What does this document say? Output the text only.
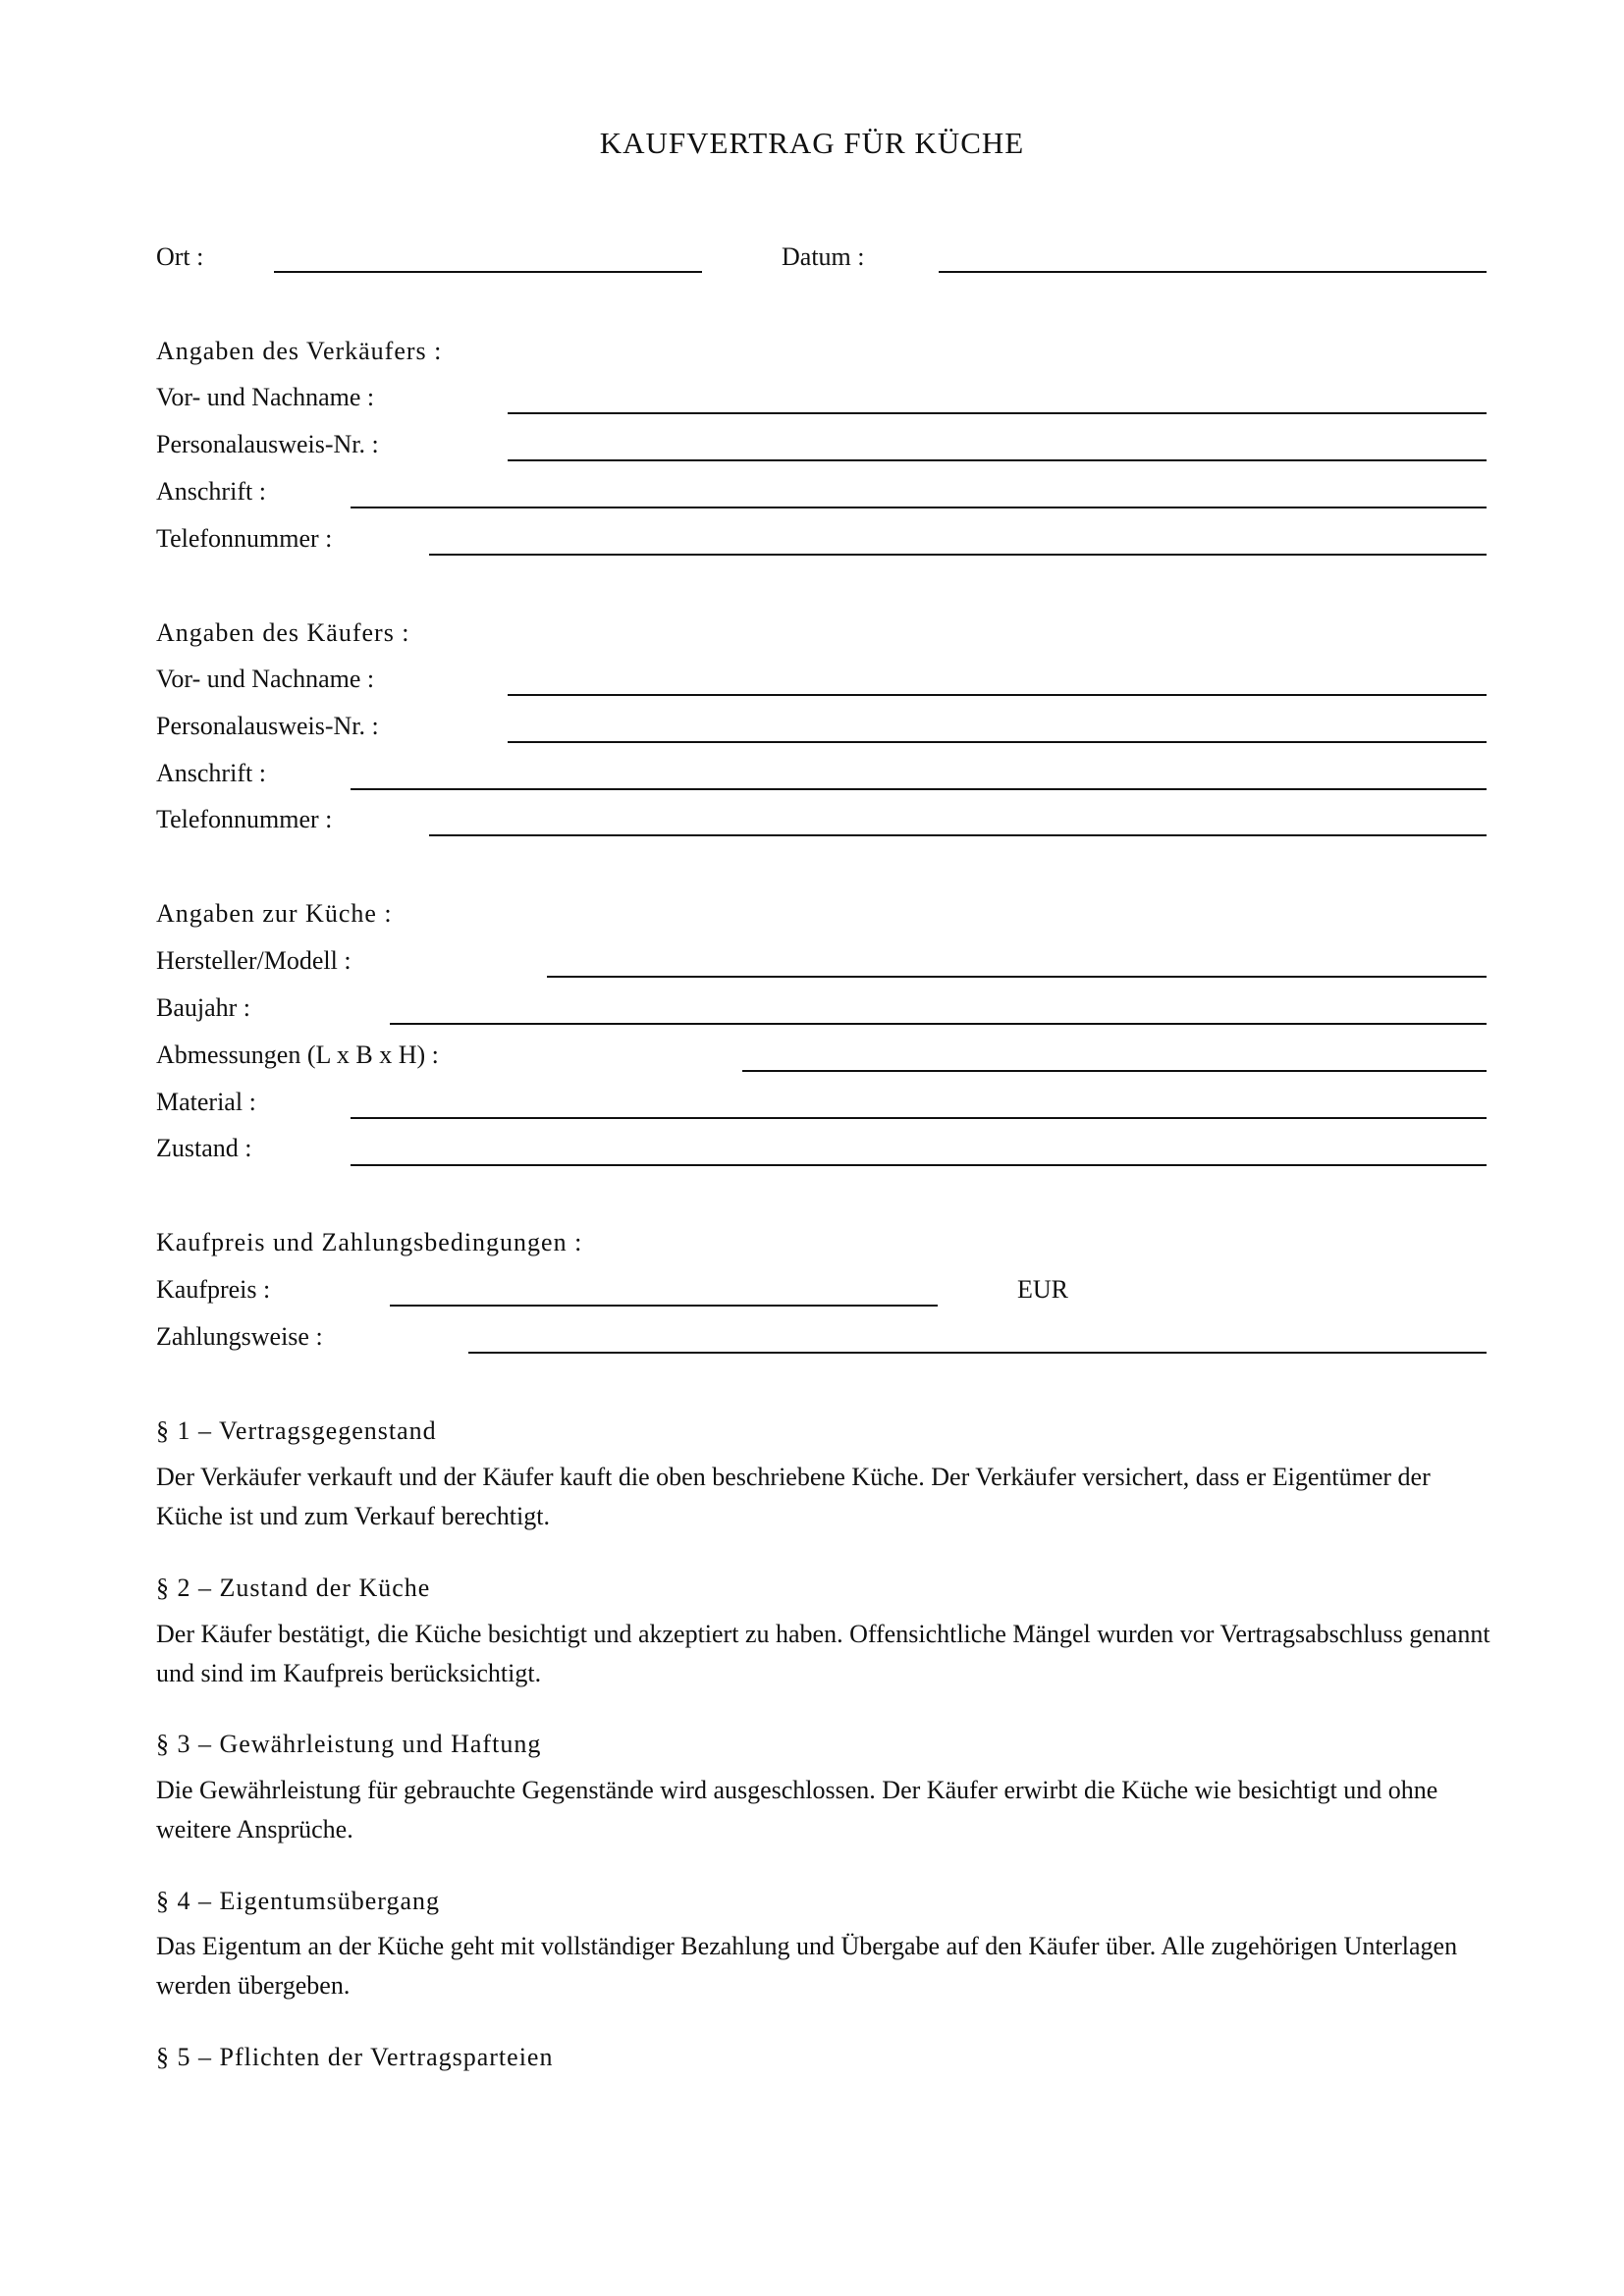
KAUFVERTRAG FÜR KÜCHE
Ort :	Datum :
Angaben des Verkäufers :
Vor- und Nachname :
Personalausweis-Nr. :
Anschrift :
Telefonnummer :
Angaben des Käufers :
Vor- und Nachname :
Personalausweis-Nr. :
Anschrift :
Telefonnummer :
Angaben zur Küche :
Hersteller/Modell :
Baujahr :
Abmessungen (L x B x H) :
Material :
Zustand :
Kaufpreis und Zahlungsbedingungen :
Kaufpreis :	EUR
Zahlungsweise :
§ 1 – Vertragsgegenstand
Der Verkäufer verkauft und der Käufer kauft die oben beschriebene Küche. Der Verkäufer versichert, dass er Eigentümer der Küche ist und zum Verkauf berechtigt.
§ 2 – Zustand der Küche
Der Käufer bestätigt, die Küche besichtigt und akzeptiert zu haben. Offensichtliche Mängel wurden vor Vertragsabschluss genannt und sind im Kaufpreis berücksichtigt.
§ 3 – Gewährleistung und Haftung
Die Gewährleistung für gebrauchte Gegenstände wird ausgeschlossen. Der Käufer erwirbt die Küche wie besichtigt und ohne weitere Ansprüche.
§ 4 – Eigentumsübergang
Das Eigentum an der Küche geht mit vollständiger Bezahlung und Übergabe auf den Käufer über. Alle zugehörigen Unterlagen werden übergeben.
§ 5 – Pflichten der Vertragsparteien
